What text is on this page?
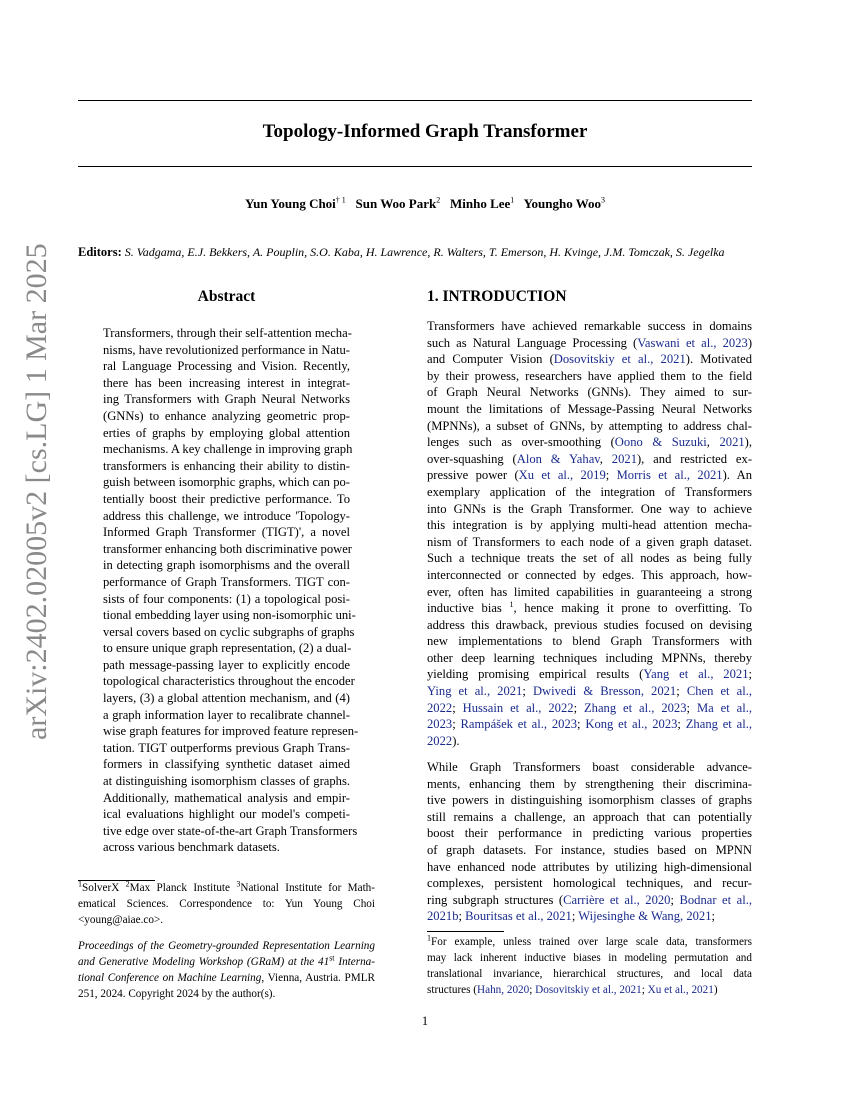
arXiv:2402.02005v2 [cs.LG] 1 Mar 2025
Topology-Informed Graph Transformer
Yun Young Choi$^{\dagger 1}$ Sun Woo Park$^2$ Minho Lee$^1$ Youngho Woo$^3$
Editors: S. Vadgama, E.J. Bekkers, A. Pouplin, S.O. Kaba, H. Lawrence, R. Walters, T. Emerson, H. Kvinge, J.M. Tomczak, S. Jegelka
Abstract
Transformers, through their self-attention mecha-
nisms, have revolutionized performance in Natu-
ral Language Processing and Vision. Recently,
there has been increasing interest in integrat-
ing Transformers with Graph Neural Networks
(GNNs) to enhance analyzing geometric prop-
erties of graphs by employing global attention
mechanisms. A key challenge in improving graph
transformers is enhancing their ability to distin-
guish between isomorphic graphs, which can po-
tentially boost their predictive performance. To
address this challenge, we introduce 'Topology-
Informed Graph Transformer (TIGT)', a novel
transformer enhancing both discriminative power
in detecting graph isomorphisms and the overall
performance of Graph Transformers. TIGT con-
sists of four components: (1) a topological posi-
tional embedding layer using non-isomorphic uni-
versal covers based on cyclic subgraphs of graphs
to ensure unique graph representation, (2) a dual-
path message-passing layer to explicitly encode
topological characteristics throughout the encoder
layers, (3) a global attention mechanism, and (4)
a graph information layer to recalibrate channel-
wise graph features for improved feature represen-
tation. TIGT outperforms previous Graph Trans-
formers in classifying synthetic dataset aimed
at distinguishing isomorphism classes of graphs.
Additionally, mathematical analysis and empir-
ical evaluations highlight our model's competi-
tive edge over state-of-the-art Graph Transformers
across various benchmark datasets.
1. INTRODUCTION
Transformers have achieved remarkable success in domains
such as Natural Language Processing (Vaswani et al., 2023)
and Computer Vision (Dosovitskiy et al., 2021). Motivated
by their prowess, researchers have applied them to the field
of Graph Neural Networks (GNNs). They aimed to sur-
mount the limitations of Message-Passing Neural Networks
(MPNNs), a subset of GNNs, by attempting to address chal-
lenges such as over-smoothing (Oono & Suzuki, 2021),
over-squashing (Alon & Yahav, 2021), and restricted ex-
pressive power (Xu et al., 2019; Morris et al., 2021). An
exemplary application of the integration of Transformers
into GNNs is the Graph Transformer. One way to achieve
this integration is by applying multi-head attention mecha-
nism of Transformers to each node of a given graph dataset.
Such a technique treats the set of all nodes as being fully
interconnected or connected by edges. This approach, how-
ever, often has limited capabilities in guaranteeing a strong
inductive bias $^1$, hence making it prone to overfitting. To
address this drawback, previous studies focused on devising
new implementations to blend Graph Transformers with
other deep learning techniques including MPNNs, thereby
yielding promising empirical results (Yang et al., 2021;
Ying et al., 2021; Dwivedi & Bresson, 2021; Chen et al.,
2022; Hussain et al., 2022; Zhang et al., 2023; Ma et al.,
2023; Rampášek et al., 2023; Kong et al., 2023; Zhang et al.,
2022).
While Graph Transformers boast considerable advance-
ments, enhancing them by strengthening their discrimina-
tive powers in distinguishing isomorphism classes of graphs
still remains a challenge, an approach that can potentially
boost their performance in predicting various properties
of graph datasets. For instance, studies based on MPNN
have enhanced node attributes by utilizing high-dimensional
complexes, persistent homological techniques, and recur-
ring subgraph structures (Carrière et al., 2020; Bodnar et al.,
2021b; Bouritsas et al., 2021; Wijesinghe & Wang, 2021;
$^1$For example, unless trained over large scale data, transformers
may lack inherent inductive biases in modeling permutation and
translational invariance, hierarchical structures, and local data
structures (Hahn, 2020; Dosovitskiy et al., 2021; Xu et al., 2021)
$^1$SolverX $^2$Max Planck Institute $^3$National Institute for Math-
ematical Sciences. Correspondence to: Yun Young Choi
<young@aiae.co>.
Proceedings of the Geometry-grounded Representation Learning
and Generative Modeling Workshop (GRaM) at the 41st Interna-
tional Conference on Machine Learning, Vienna, Austria. PMLR
251, 2024. Copyright 2024 by the author(s).
1
